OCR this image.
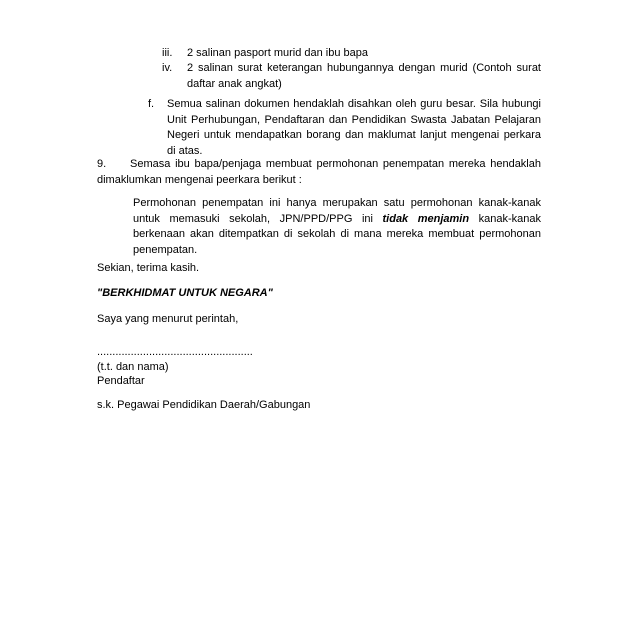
iii. 2 salinan pasport murid dan ibu bapa
iv. 2 salinan surat keterangan hubungannya dengan murid (Contoh surat daftar anak angkat)
f. Semua salinan dokumen hendaklah disahkan oleh guru besar. Sila hubungi Unit Perhubungan, Pendaftaran dan Pendidikan Swasta Jabatan Pelajaran Negeri untuk mendapatkan borang dan maklumat lanjut mengenai perkara di atas.
9. Semasa ibu bapa/penjaga membuat permohonan penempatan mereka hendaklah dimaklumkan mengenai peerkara berikut :
Permohonan penempatan ini hanya merupakan satu permohonan kanak-kanak untuk memasuki sekolah, JPN/PPD/PPG ini tidak menjamin kanak-kanak berkenaan akan ditempatkan di sekolah di mana mereka membuat permohonan penempatan.
Sekian, terima kasih.
"BERKHIDMAT UNTUK NEGARA"
Saya yang menurut perintah,
...................................................
(t.t. dan nama)
Pendaftar
s.k. Pegawai Pendidikan Daerah/Gabungan
